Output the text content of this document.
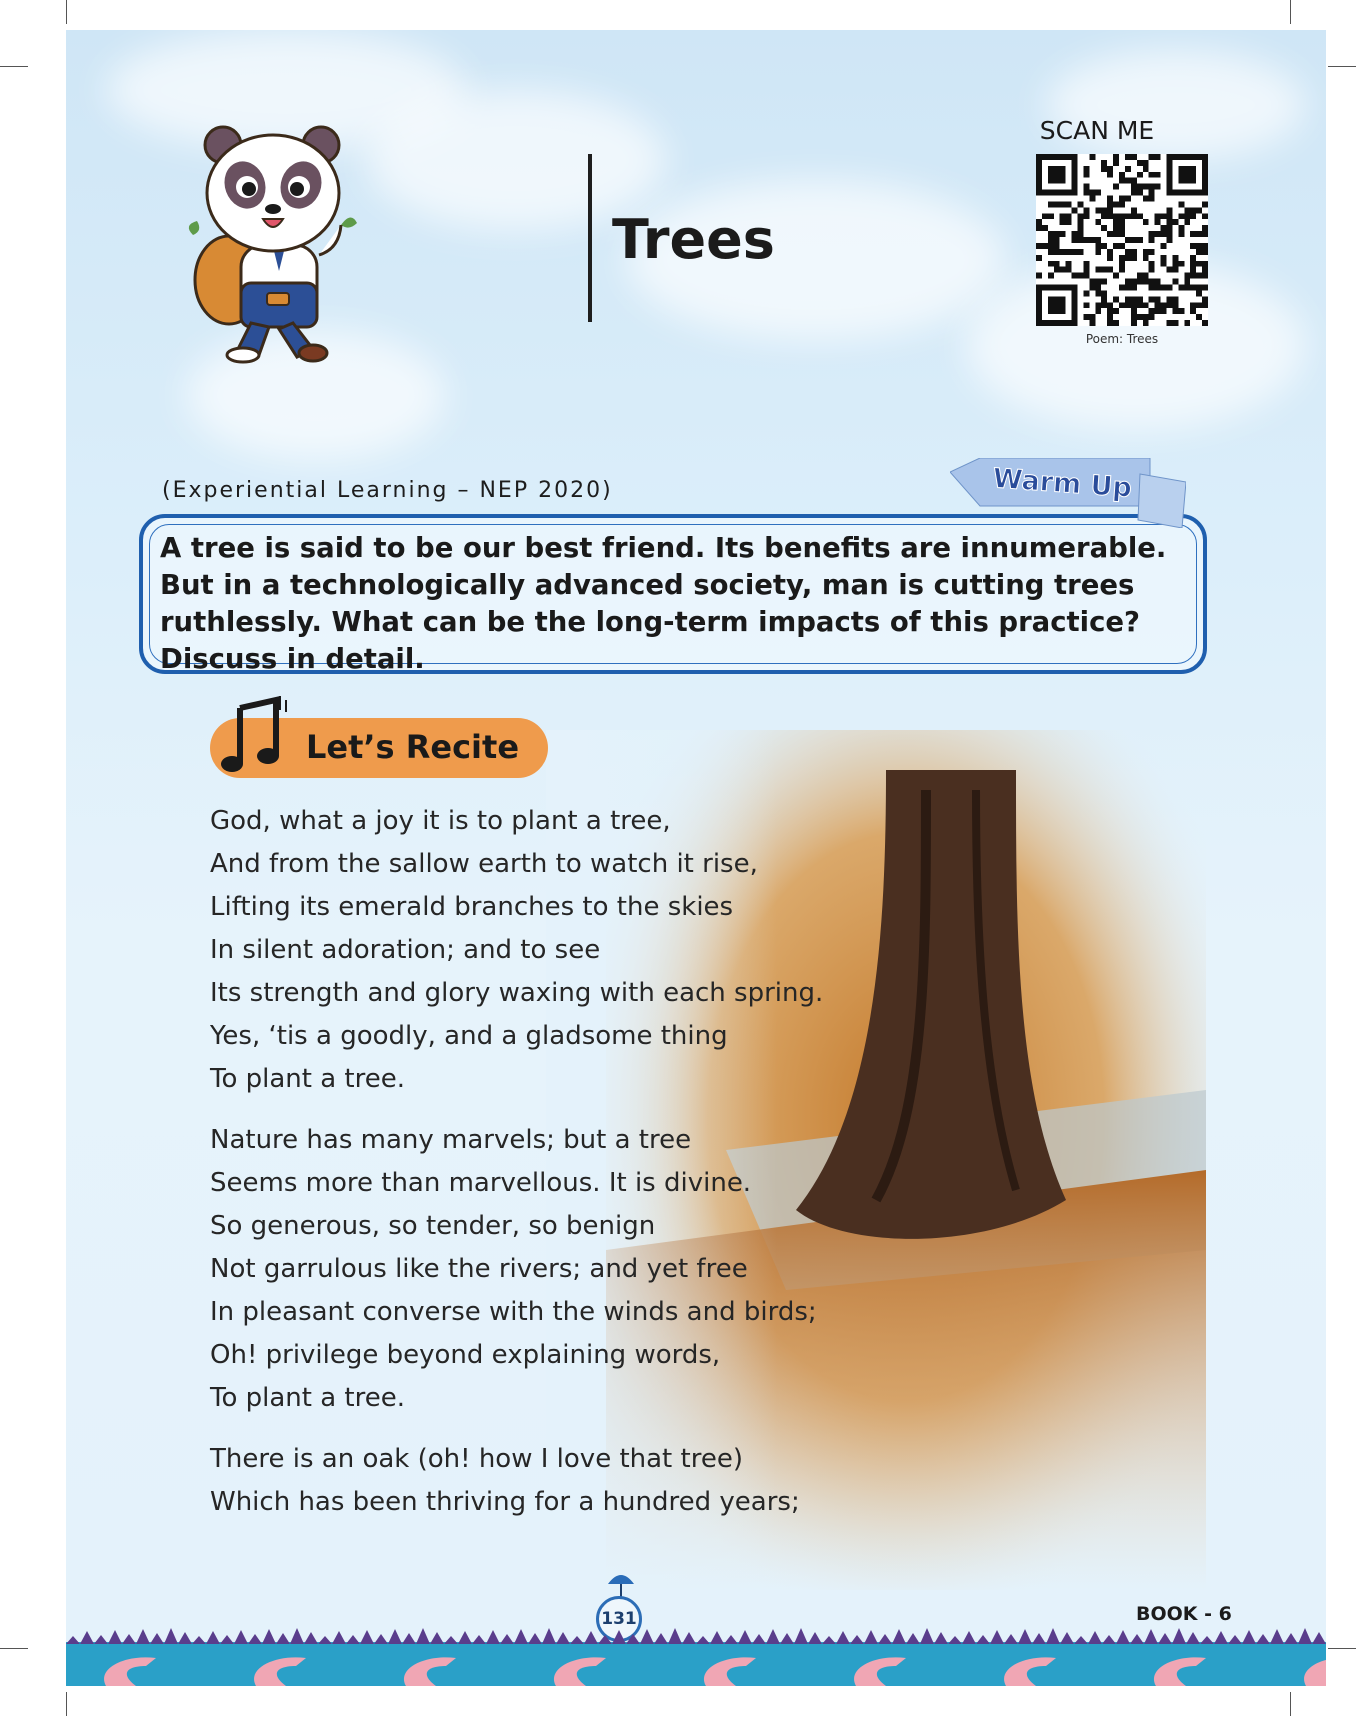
Trees
SCAN ME
Poem: Trees
(Experiential Learning – NEP 2020)

A tree is said to be our best friend. Its benefits are innumerable. But in a technologically advanced society, man is cutting trees ruthlessly. What can be the long-term impacts of this practice? Discuss in detail.

Warm Up
Let’s Recite
God, what a joy it is to plant a tree,
And from the sallow earth to watch it rise,
Lifting its emerald branches to the skies
In silent adoration; and to see
Its strength and glory waxing with each spring.
Yes, ‘tis a goodly, and a gladsome thing
To plant a tree.
Nature has many marvels; but a tree
Seems more than marvellous. It is divine.
So generous, so tender, so benign
Not garrulous like the rivers; and yet free
In pleasant converse with the winds and birds;
Oh! privilege beyond explaining words,
To plant a tree.
There is an oak (oh! how I love that tree)
Which has been thriving for a hundred years;
131	BOOK - 6
